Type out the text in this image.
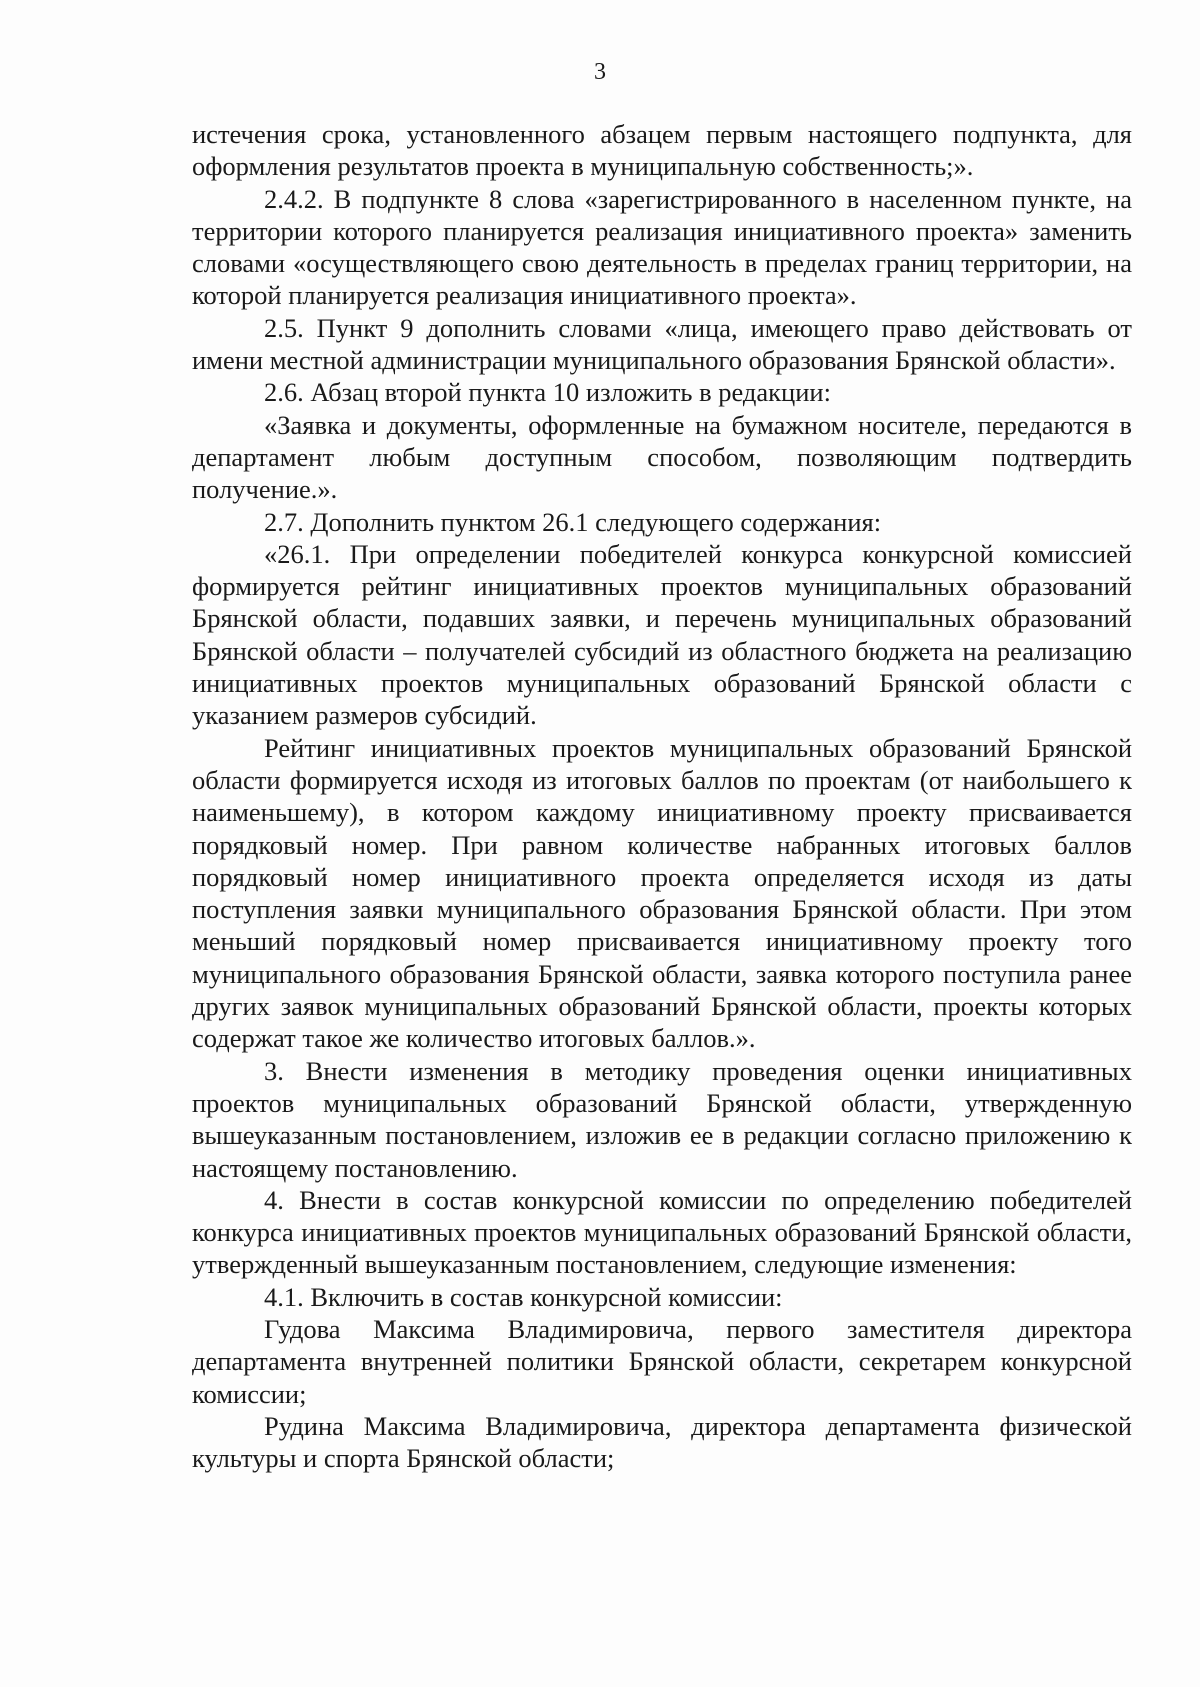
3

истечения срока, установленного абзацем первым настоящего подпункта, для оформления результатов проекта в муниципальную собственность;».

2.4.2. В подпункте 8 слова «зарегистрированного в населенном пункте, на территории которого планируется реализация инициативного проекта» заменить словами «осуществляющего свою деятельность в пределах границ территории, на которой планируется реализация инициативного проекта».

2.5. Пункт 9 дополнить словами «лица, имеющего право действовать от имени местной администрации муниципального образования Брянской области».

2.6. Абзац второй пункта 10 изложить в редакции:

«Заявка и документы, оформленные на бумажном носителе, передаются в департамент любым доступным способом, позволяющим подтвердить получение.».

2.7. Дополнить пунктом 26.1 следующего содержания:

«26.1. При определении победителей конкурса конкурсной комиссией формируется рейтинг инициативных проектов муниципальных образований Брянской области, подавших заявки, и перечень муниципальных образований Брянской области – получателей субсидий из областного бюджета на реализацию инициативных проектов муниципальных образований Брянской области с указанием размеров субсидий.

Рейтинг инициативных проектов муниципальных образований Брянской области формируется исходя из итоговых баллов по проектам (от наибольшего к наименьшему), в котором каждому инициативному проекту присваивается порядковый номер. При равном количестве набранных итоговых баллов порядковый номер инициативного проекта определяется исходя из даты поступления заявки муниципального образования Брянской области. При этом меньший порядковый номер присваивается инициативному проекту того муниципального образования Брянской области, заявка которого поступила ранее других заявок муниципальных образований Брянской области, проекты которых содержат такое же количество итоговых баллов.».

3. Внести изменения в методику проведения оценки инициативных проектов муниципальных образований Брянской области, утвержденную вышеуказанным постановлением, изложив ее в редакции согласно приложению к настоящему постановлению.

4. Внести в состав конкурсной комиссии по определению победителей конкурса инициативных проектов муниципальных образований Брянской области, утвержденный вышеуказанным постановлением, следующие изменения:

4.1. Включить в состав конкурсной комиссии:

Гудова Максима Владимировича, первого заместителя директора департамента внутренней политики Брянской области, секретарем конкурсной комиссии;

Рудина Максима Владимировича, директора департамента физической культуры и спорта Брянской области;
